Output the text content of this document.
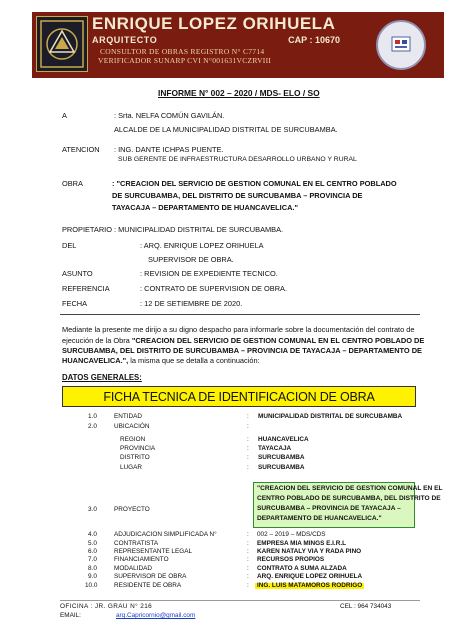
ENRIQUE LOPEZ ORIHUELA
ARQUITECTO	CAP : 10670
CONSULTOR DE OBRAS REGISTRO N° C7714
VERIFICADOR SUNARP CVI N°001631VCZRVIII
INFORME N° 002 – 2020 / MDS- ELO / SO
A	: Srta. NELFA COMÚN GAVILÁN.
ALCALDE DE LA MUNICIPALIDAD DISTRITAL DE SURCUBAMBA.
ATENCION : ING. DANTE ICHPAS PUENTE.
SUB GERENTE DE INFRAESTRUCTURA DESARROLLO URBANO Y RURAL
OBRA	: "CREACION DEL SERVICIO DE GESTION COMUNAL EN EL CENTRO POBLADO
DE SURCUBAMBA, DEL DISTRITO DE SURCUBAMBA – PROVINCIA DE
TAYACAJA – DEPARTAMENTO DE HUANCAVELICA."
PROPIETARIO : MUNICIPALIDAD DISTRITAL DE SURCUBAMBA.
DEL	: ARQ. ENRIQUE LOPEZ ORIHUELA
SUPERVISOR DE OBRA.
ASUNTO	: REVISION DE EXPEDIENTE TECNICO.
REFERENCIA	: CONTRATO DE SUPERVISION DE OBRA.
FECHA	: 12 DE SETIEMBRE DE 2020.
Mediante la presente me dirijo a su digno despacho para informarle sobre la documentación del contrato de
ejecución de la Obra "CREACION DEL SERVICIO DE GESTION COMUNAL EN EL CENTRO POBLADO DE
SURCUBAMBA, DEL DISTRITO DE SURCUBAMBA – PROVINCIA DE TAYACAJA – DEPARTAMENTO DE
HUANCAVELICA.", la misma que se detalla a continuación:
DATOS GENERALES:
FICHA TECNICA DE IDENTIFICACION DE OBRA
1.0	ENTIDAD	: MUNICIPALIDAD DISTRITAL DE SURCUBAMBA
2.0	UBICACIÓN	:
REGION	: HUANCAVELICA
PROVINCIA	: TAYACAJA
DISTRITO	: SURCUBAMBA
LUGAR	: SURCUBAMBA
3.0	PROYECTO
"CREACION DEL SERVICIO DE GESTION COMUNAL EN EL
CENTRO POBLADO DE SURCUBAMBA, DEL DISTRITO DE
SURCUBAMBA – PROVINCIA DE TAYACAJA –
DEPARTAMENTO DE HUANCAVELICA."
4.0	ADJUDICACION SIMPLIFICADA N°	:	002 – 2019 – MDS/CDS
5.0	CONTRATISTA	:	EMPRESA MIA MINGS E.I.R.L
6.0	REPRESENTANTE LEGAL	:	KAREN NATALY VIA Y RADA PINO
7.0	FINANCIAMIENTO	:	RECURSOS PROPIOS
8.0	MODALIDAD	:	CONTRATO A SUMA ALZADA
9.0	SUPERVISOR DE OBRA	:	ARQ. ENRIQUE LOPEZ ORIHUELA
10.0	RESIDENTE DE OBRA	:	ING. LUIS MATAMOROS RODRIGO
OFICINA : JR. GRAU N° 216	CEL : 964 734043
EMAIL:	arq.Capricornio@gmail.com
